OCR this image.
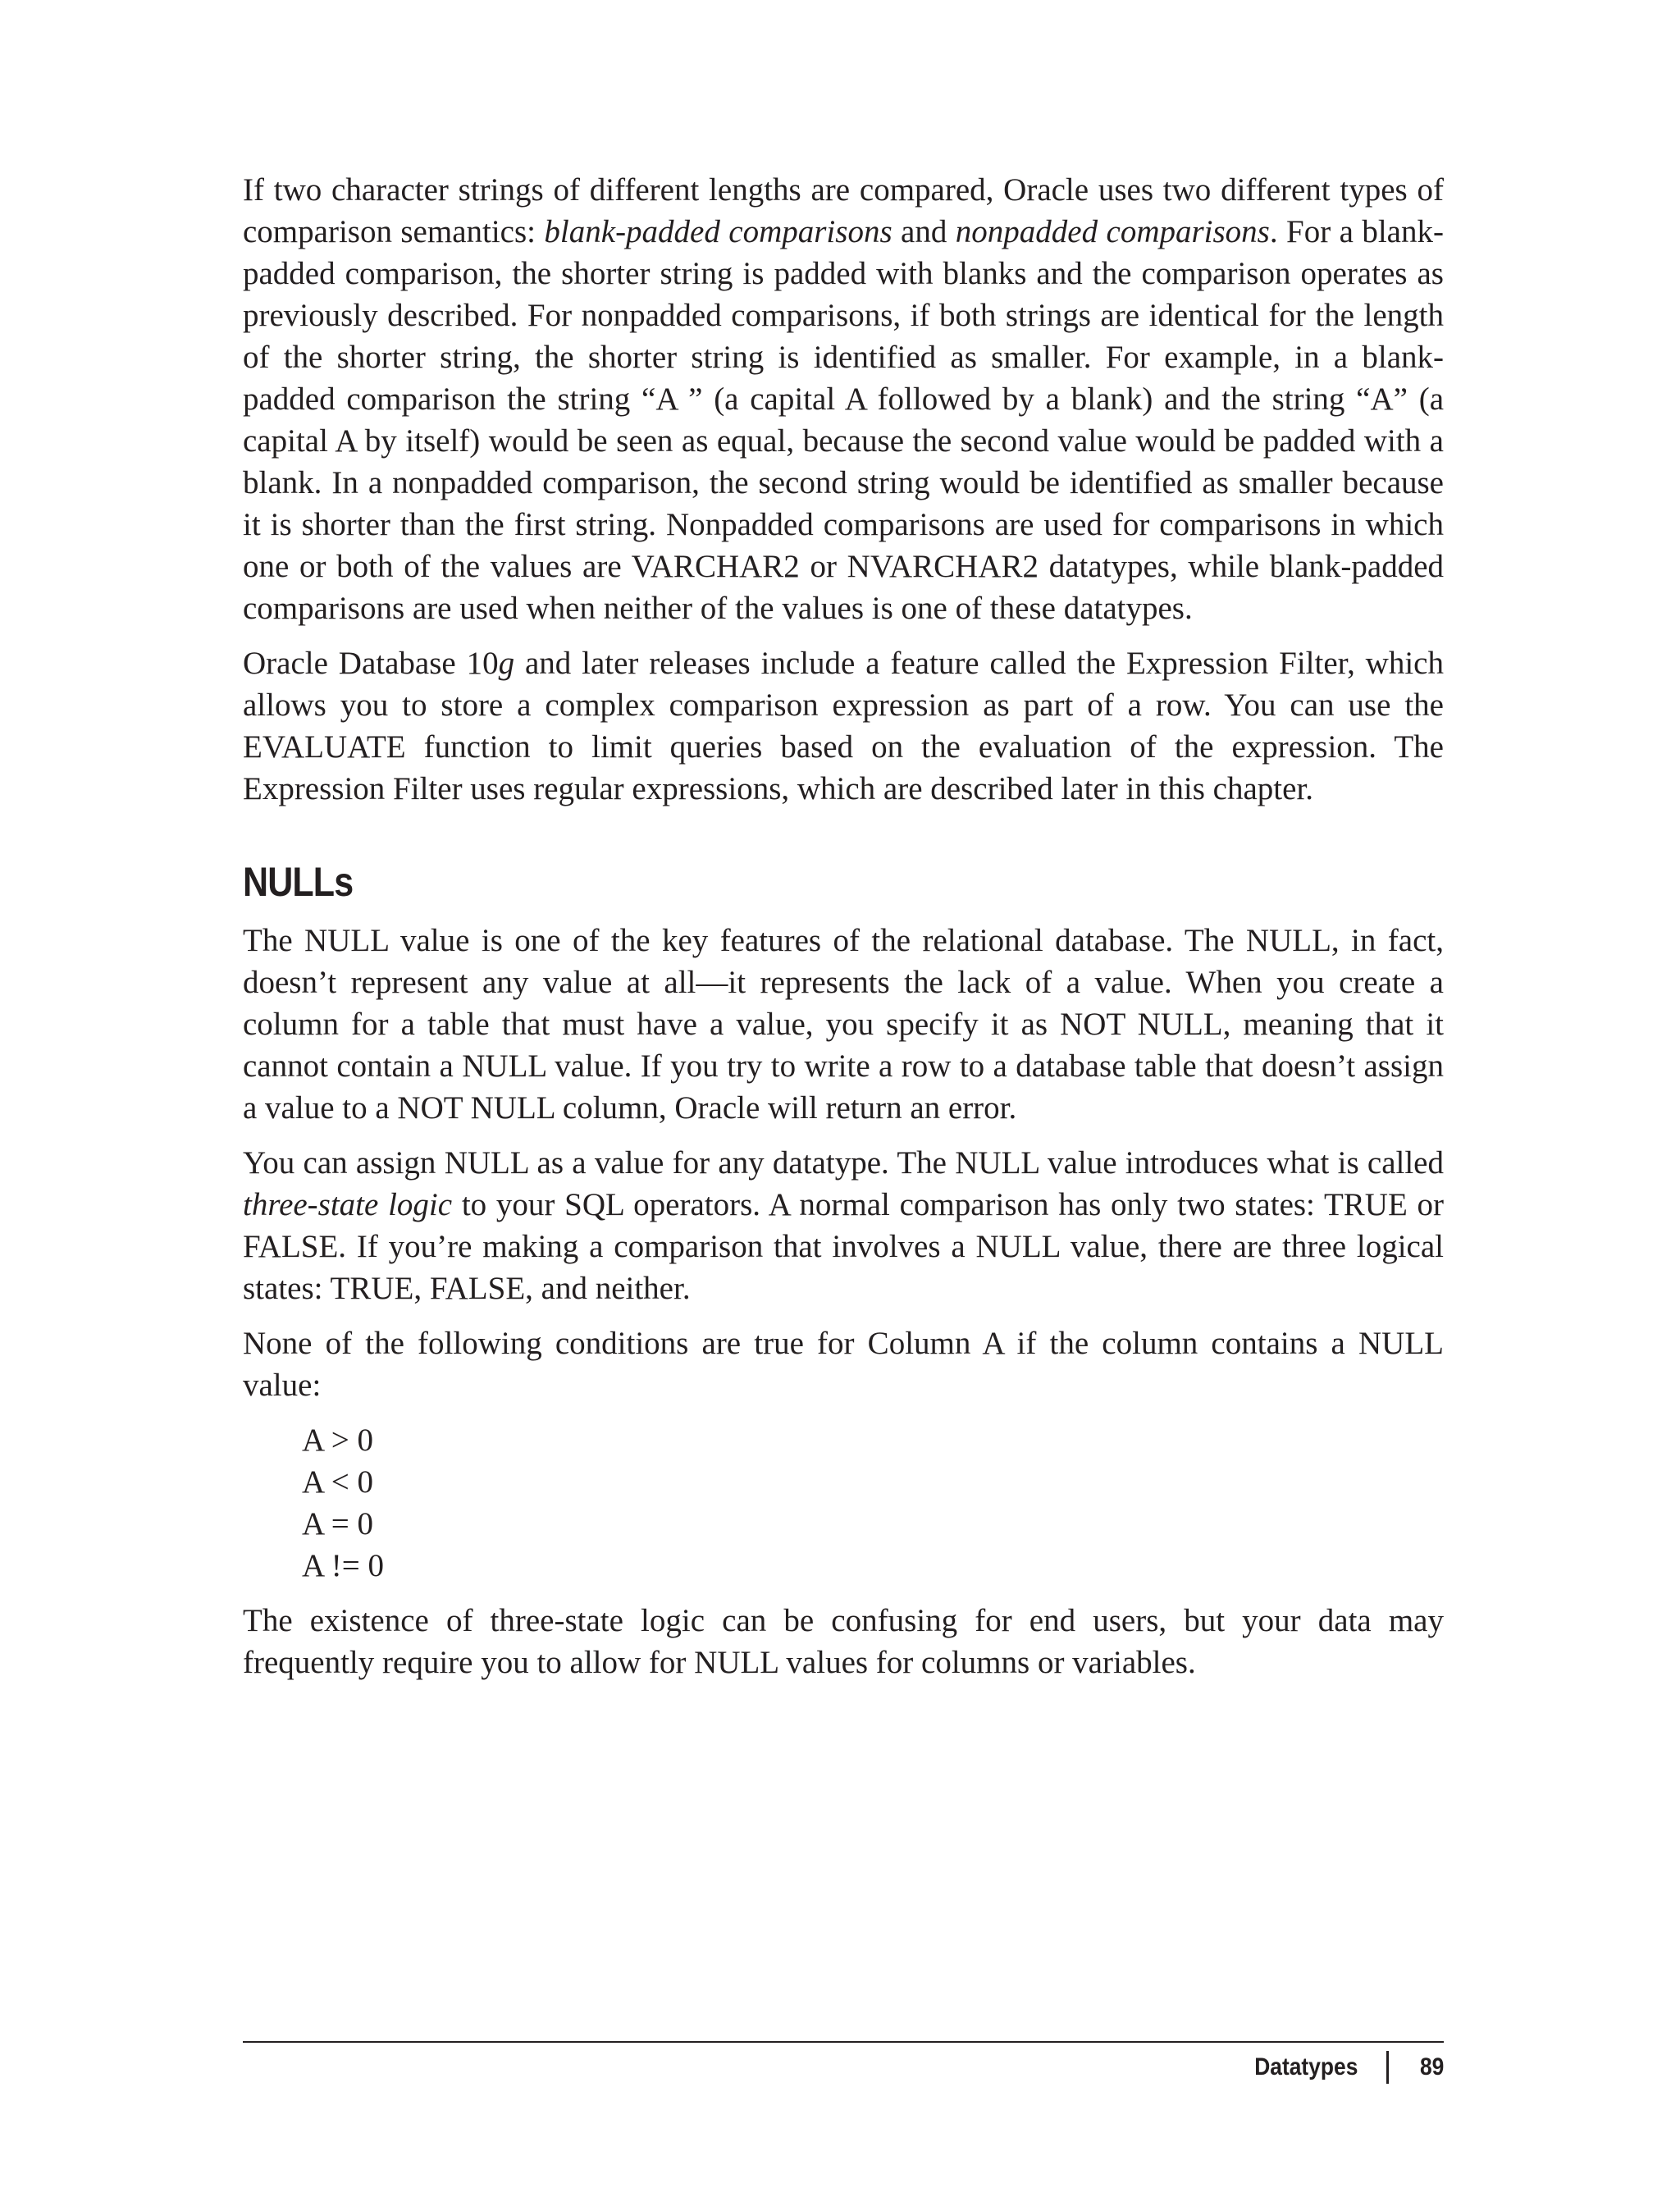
If two character strings of different lengths are compared, Oracle uses two different types of comparison semantics: blank-padded comparisons and nonpadded comparisons. For a blank-padded comparison, the shorter string is padded with blanks and the comparison operates as previously described. For nonpadded comparisons, if both strings are identical for the length of the shorter string, the shorter string is identified as smaller. For example, in a blank-padded comparison the string “A ” (a capital A followed by a blank) and the string “A” (a capital A by itself) would be seen as equal, because the second value would be padded with a blank. In a nonpadded comparison, the second string would be identified as smaller because it is shorter than the first string. Nonpadded comparisons are used for comparisons in which one or both of the values are VARCHAR2 or NVARCHAR2 datatypes, while blank-padded comparisons are used when neither of the values is one of these datatypes.

Oracle Database 10g and later releases include a feature called the Expression Filter, which allows you to store a complex comparison expression as part of a row. You can use the EVALUATE function to limit queries based on the evaluation of the expression. The Expression Filter uses regular expressions, which are described later in this chapter.

NULLs

The NULL value is one of the key features of the relational database. The NULL, in fact, doesn’t represent any value at all—it represents the lack of a value. When you create a column for a table that must have a value, you specify it as NOT NULL, meaning that it cannot contain a NULL value. If you try to write a row to a database table that doesn’t assign a value to a NOT NULL column, Oracle will return an error.

You can assign NULL as a value for any datatype. The NULL value introduces what is called three-state logic to your SQL operators. A normal comparison has only two states: TRUE or FALSE. If you’re making a comparison that involves a NULL value, there are three logical states: TRUE, FALSE, and neither.

None of the following conditions are true for Column A if the column contains a NULL value:

A > 0
A < 0
A = 0
A != 0

The existence of three-state logic can be confusing for end users, but your data may frequently require you to allow for NULL values for columns or variables.

Datatypes	89
